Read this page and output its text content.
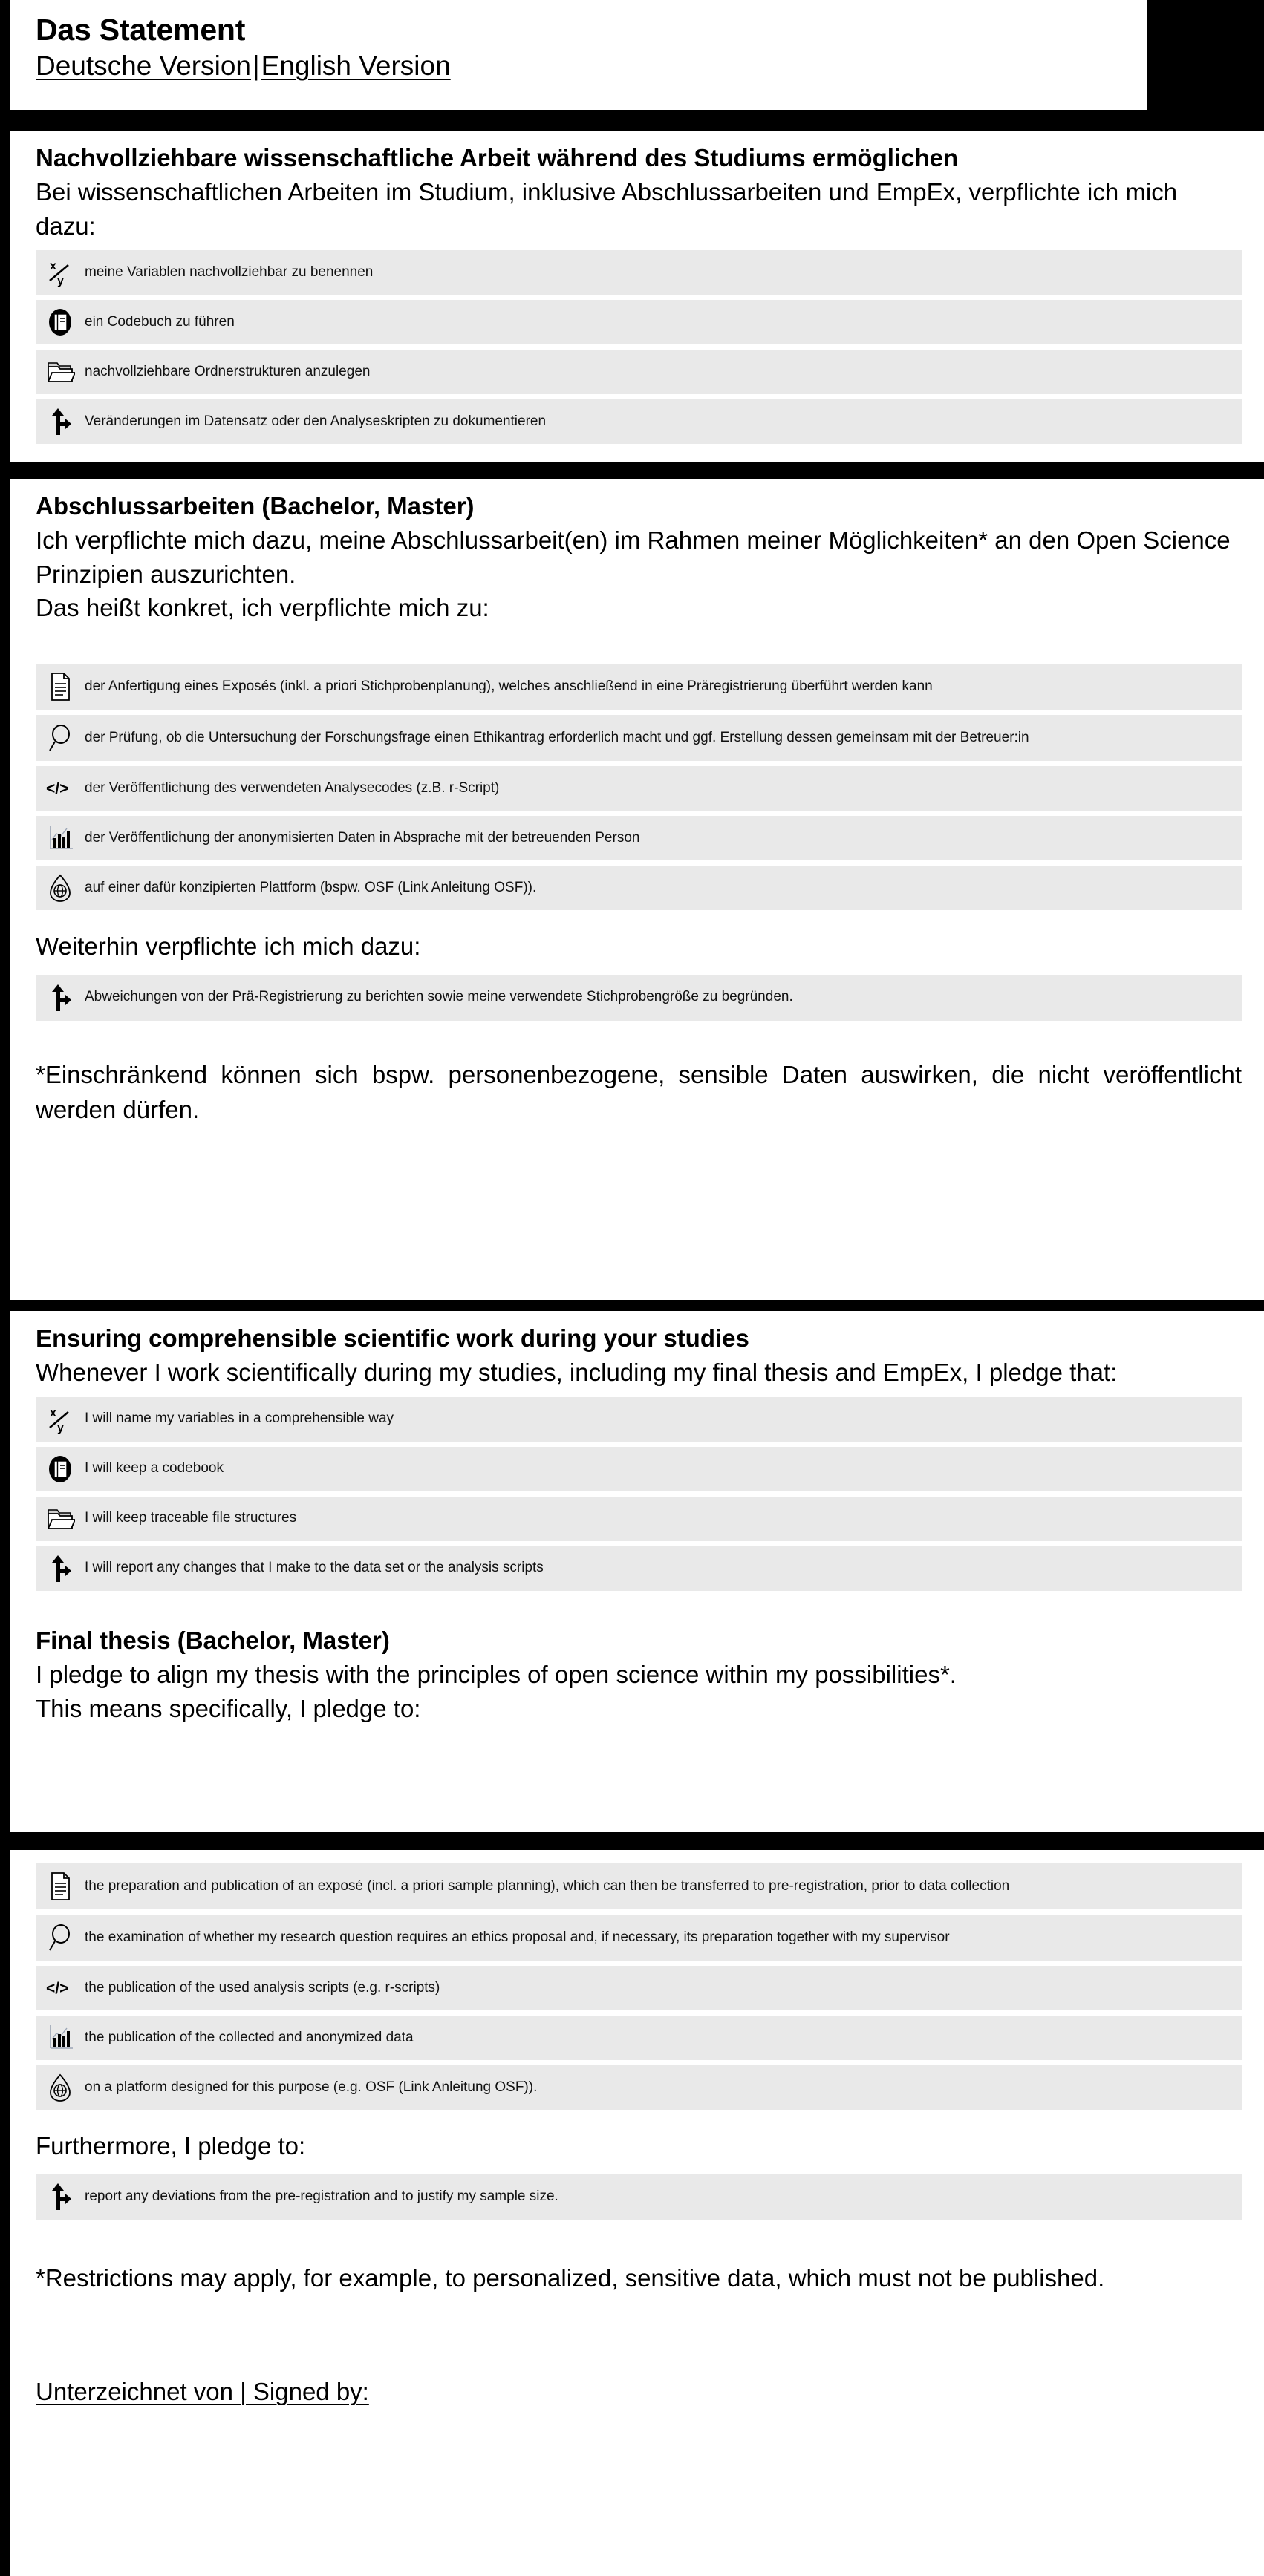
Das Statement
Deutsche Version|English Version
Nachvollziehbare wissenschaftliche Arbeit während des Studiums ermöglichen
Bei wissenschaftlichen Arbeiten im Studium, inklusive Abschlussarbeiten und EmpEx, verpflichte ich mich dazu:
x
y
meine Variablen nachvollziehbar zu benennen
ein Codebuch zu führen
nachvollziehbare Ordnerstrukturen anzulegen
Veränderungen im Datensatz oder den Analyseskripten zu dokumentieren
Abschlussarbeiten (Bachelor, Master)
Ich verpflichte mich dazu, meine Abschlussarbeit(en) im Rahmen meiner Möglichkeiten* an den Open Science Prinzipien auszurichten.
Das heißt konkret, ich verpflichte mich zu:
der Anfertigung eines Exposés (inkl. a priori Stichprobenplanung), welches anschließend in eine Präregistrierung überführt werden kann
der Prüfung, ob die Untersuchung der Forschungsfrage einen Ethikantrag erforderlich macht und ggf. Erstellung dessen gemeinsam mit der Betreuer:in
</> der Veröffentlichung des verwendeten Analysecodes (z.B. r-Script)
der Veröffentlichung der anonymisierten Daten in Absprache mit der betreuenden Person
auf einer dafür konzipierten Plattform (bspw. OSF (Link Anleitung OSF)).
Weiterhin verpflichte ich mich dazu:
Abweichungen von der Prä-Registrierung zu berichten sowie meine verwendete Stichprobengröße zu begründen.
*Einschränkend können sich bspw. personenbezogene, sensible Daten auswirken, die nicht veröffentlicht werden dürfen.
Ensuring comprehensible scientific work during your studies
Whenever I work scientifically during my studies, including my final thesis and EmpEx, I pledge that:
x
y
I will name my variables in a comprehensible way
I will keep a codebook
I will keep traceable file structures
I will report any changes that I make to the data set or the analysis scripts
Final thesis (Bachelor, Master)
I pledge to align my thesis with the principles of open science within my possibilities*.
This means specifically, I pledge to:
the preparation and publication of an exposé (incl. a priori sample planning), which can then be transferred to pre-registration, prior to data collection
the examination of whether my research question requires an ethics proposal and, if necessary, its preparation together with my supervisor
</> the publication of the used analysis scripts (e.g. r-scripts)
the publication of the collected and anonymized data
on a platform designed for this purpose (e.g. OSF (Link Anleitung OSF)).
Furthermore, I pledge to:
report any deviations from the pre-registration and to justify my sample size.
*Restrictions may apply, for example, to personalized, sensitive data, which must not be published.
Unterzeichnet von | Signed by:
